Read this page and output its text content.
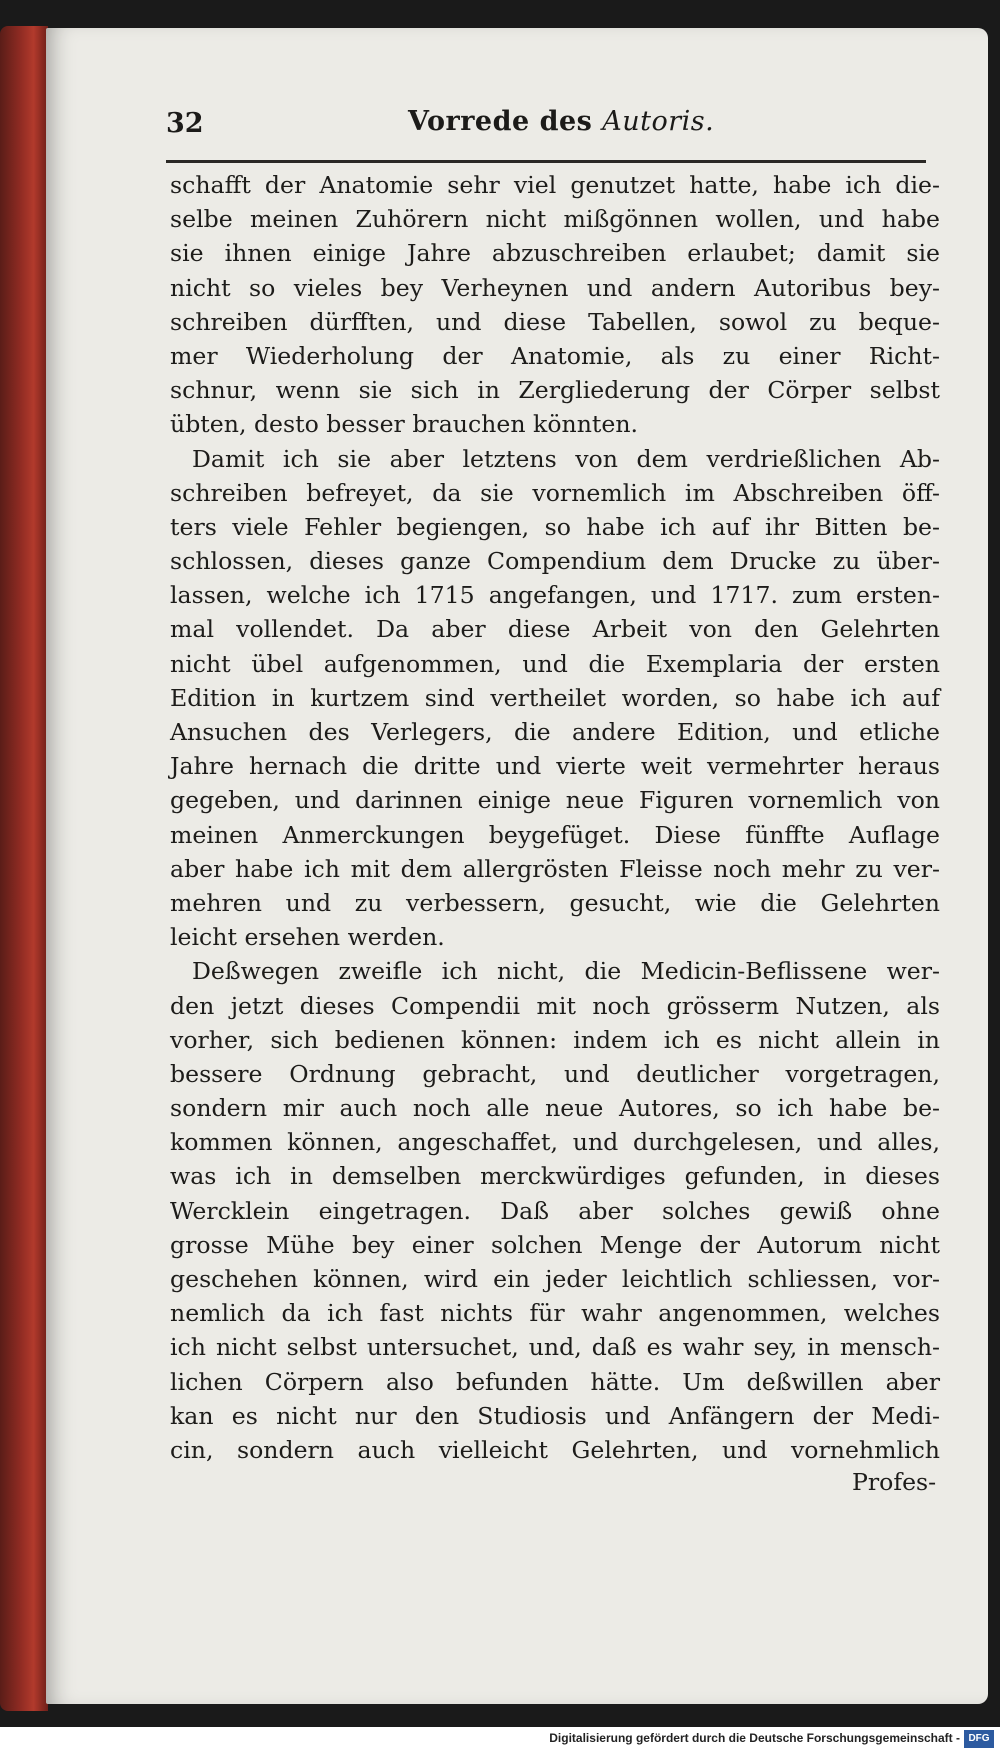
32	Vorrede des Autoris.
schafft der Anatomie sehr viel genutzet hatte, habe ich die-
selbe meinen Zuhörern nicht mißgönnen wollen, und habe
sie ihnen einige Jahre abzuschreiben erlaubet; damit sie
nicht so vieles bey Verheynen und andern Autoribus bey-
schreiben dürfften, und diese Tabellen, sowol zu beque-
mer Wiederholung der Anatomie, als zu einer Richt-
schnur, wenn sie sich in Zergliederung der Cörper selbst
übten, desto besser brauchen könnten.
Damit ich sie aber letztens von dem verdrießlichen Ab-
schreiben befreyet, da sie vornemlich im Abschreiben öff-
ters viele Fehler begiengen, so habe ich auf ihr Bitten be-
schlossen, dieses ganze Compendium dem Drucke zu über-
lassen, welche ich 1715 angefangen, und 1717. zum ersten-
mal vollendet. Da aber diese Arbeit von den Gelehrten
nicht übel aufgenommen, und die Exemplaria der ersten
Edition in kurtzem sind vertheilet worden, so habe ich auf
Ansuchen des Verlegers, die andere Edition, und etliche
Jahre hernach die dritte und vierte weit vermehrter heraus
gegeben, und darinnen einige neue Figuren vornemlich von
meinen Anmerckungen beygefüget. Diese fünffte Auflage
aber habe ich mit dem allergrösten Fleisse noch mehr zu ver-
mehren und zu verbessern, gesucht, wie die Gelehrten
leicht ersehen werden.
Deßwegen zweifle ich nicht, die Medicin-Beflissene wer-
den jetzt dieses Compendii mit noch grösserm Nutzen, als
vorher, sich bedienen können: indem ich es nicht allein in
bessere Ordnung gebracht, und deutlicher vorgetragen,
sondern mir auch noch alle neue Autores, so ich habe be-
kommen können, angeschaffet, und durchgelesen, und alles,
was ich in demselben merckwürdiges gefunden, in dieses
Wercklein eingetragen. Daß aber solches gewiß ohne
grosse Mühe bey einer solchen Menge der Autorum nicht
geschehen können, wird ein jeder leichtlich schliessen, vor-
nemlich da ich fast nichts für wahr angenommen, welches
ich nicht selbst untersuchet, und, daß es wahr sey, in mensch-
lichen Cörpern also befunden hätte. Um deßwillen aber
kan es nicht nur den Studiosis und Anfängern der Medi-
cin, sondern auch vielleicht Gelehrten, und vornehmlich
Profes-
Digitalisierung gefördert durch die Deutsche Forschungsgemeinschaft - DFG
